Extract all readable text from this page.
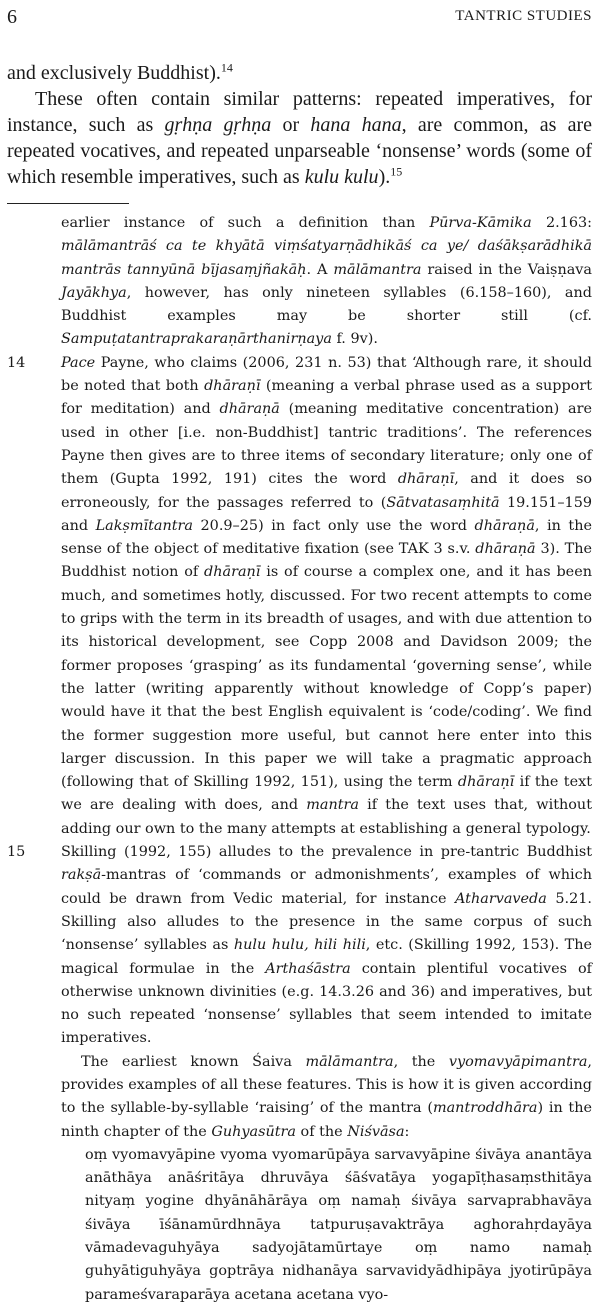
6	TANTRIC STUDIES

and exclusively Buddhist).$^{14}$

These often contain similar patterns: repeated imperatives, for instance, such as gṛhṇa gṛhṇa or hana hana, are common, as are repeated vocatives, and repeated unparseable ‘nonsense’ words (some of which resemble imperatives, such as kulu kulu).$^{15}$

earlier instance of such a definition than Pūrva-Kāmika 2.163: mālāmantrāś ca te khyātā viṃśatyarṇādhikāś ca ye/ daśākṣarādhikā mantrās tannyūnā bījasaṃjñakāḥ. A mālāmantra raised in the Vaiṣṇava Jayākhya, however, has only nineteen syllables (6.158–160), and Buddhist examples may be shorter still (cf. Sampuṭatantraprakaraṇārthanirṇaya f. 9v).
14 Pace Payne, who claims (2006, 231 n. 53) that ‘Although rare, it should be noted that both dhāraṇī (meaning a verbal phrase used as a support for meditation) and dhāraṇā (meaning meditative concentration) are used in other [i.e. non-Buddhist] tantric traditions’. The references Payne then gives are to three items of secondary literature; only one of them (Gupta 1992, 191) cites the word dhāraṇī, and it does so erroneously, for the passages referred to (Sātvatasaṃhitā 19.151–159 and Lakṣmītantra 20.9–25) in fact only use the word dhāraṇā, in the sense of the object of meditative fixation (see TAK 3 s.v. dhāraṇā 3). The Buddhist notion of dhāraṇī is of course a complex one, and it has been much, and sometimes hotly, discussed. For two recent attempts to come to grips with the term in its breadth of usages, and with due attention to its historical development, see Copp 2008 and Davidson 2009; the former proposes ‘grasping’ as its fundamental ‘governing sense’, while the latter (writing apparently without knowledge of Copp’s paper) would have it that the best English equivalent is ‘code/coding’. We find the former suggestion more useful, but cannot here enter into this larger discussion. In this paper we will take a pragmatic approach (following that of Skilling 1992, 151), using the term dhāraṇī if the text we are dealing with does, and mantra if the text uses that, without adding our own to the many attempts at establishing a general typology.
15 Skilling (1992, 155) alludes to the prevalence in pre-tantric Buddhist rakṣā-mantras of ‘commands or admonishments’, examples of which could be drawn from Vedic material, for instance Atharvaveda 5.21. Skilling also alludes to the presence in the same corpus of such ‘nonsense’ syllables as hulu hulu, hili hili, etc. (Skilling 1992, 153). The magical formulae in the Arthaśāstra contain plentiful vocatives of otherwise unknown divinities (e.g. 14.3.26 and 36) and imperatives, but no such repeated ‘nonsense’ syllables that seem intended to imitate imperatives.
The earliest known Śaiva mālāmantra, the vyomavyāpimantra, provides examples of all these features. This is how it is given according to the syllable-by-syllable ‘raising’ of the mantra (mantroddhāra) in the ninth chapter of the Guhyasūtra of the Niśvāsa:
oṃ vyomavyāpine vyoma vyomarūpāya sarvavyāpine śivāya anantāya anāthāya anāśritāya dhruvāya śāśvatāya yogapīṭhasaṃsthitāya nityaṃ yogine dhyānāhārāya oṃ namaḥ śivāya sarvaprabhavāya śivāya īśānamūrdhnāya tatpuruṣavaktrāya aghorahṛdayāya vāmadevaguhyāya sadyojātamūrtaye oṃ namo namaḥ guhyātiguhyāya goptrāya nidhanāya sarvavidyādhipāya jyotirūpāya parameśvaraparāya acetana acetana vyo-
